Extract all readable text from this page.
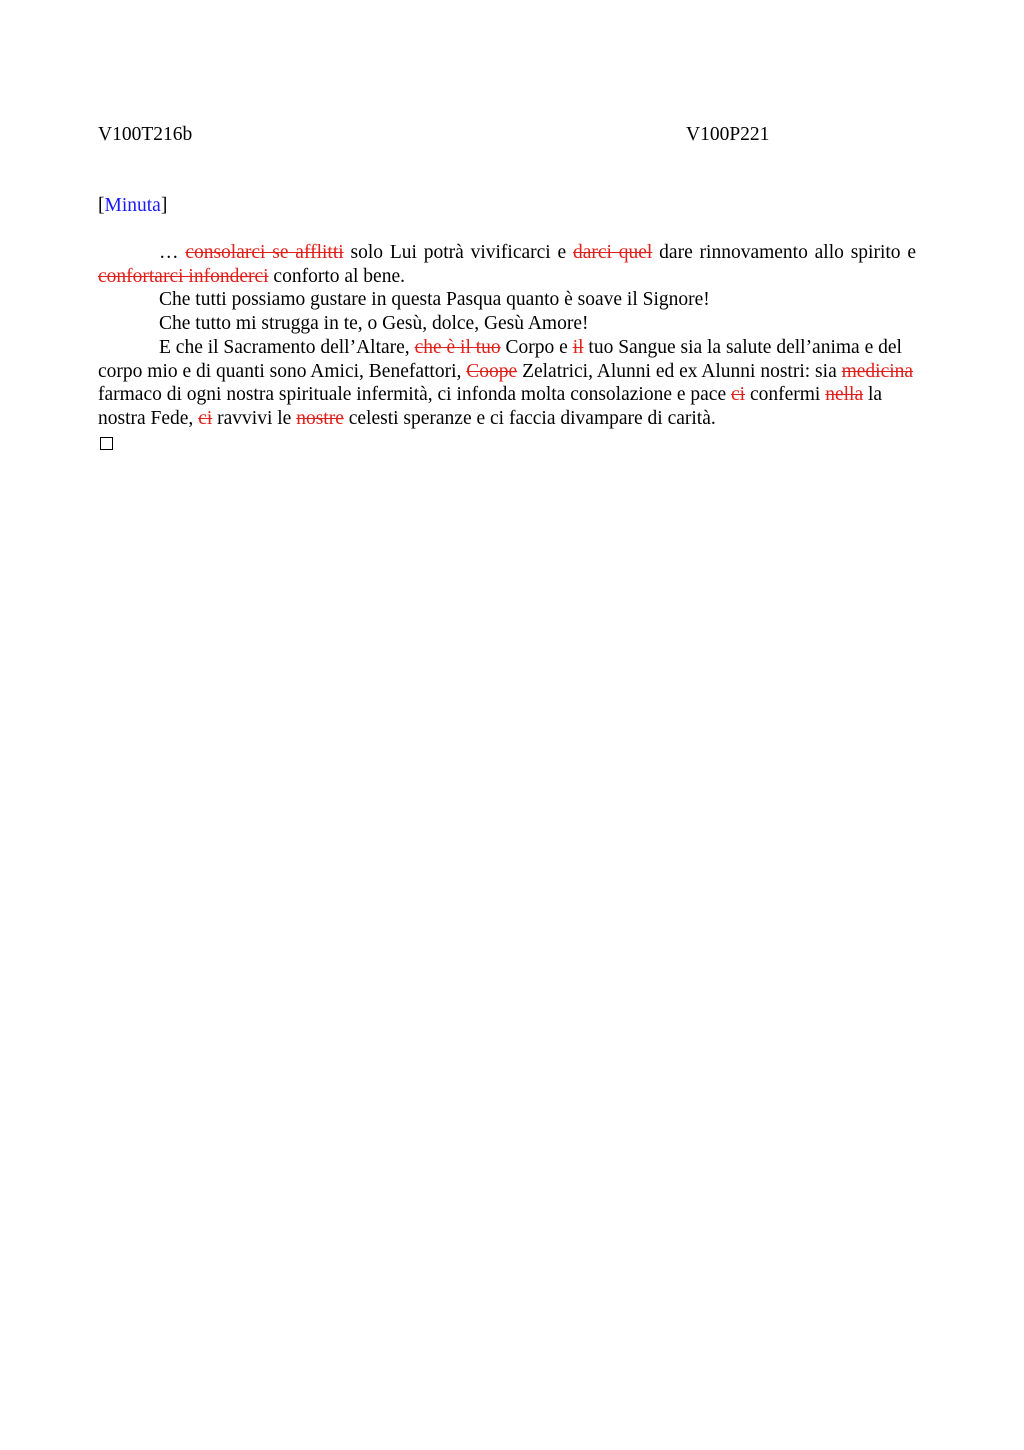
V100T216b	V100P221
[Minuta]

… consolarci se afflitti solo Lui potrà vivificarci e darci quel dare rinnovamento allo spirito e confortarci infonderci conforto al bene.

Che tutti possiamo gustare in questa Pasqua quanto è soave il Signore!

Che tutto mi strugga in te, o Gesù, dolce, Gesù Amore!

E che il Sacramento dell’Altare, che è il tuo Corpo e il tuo Sangue sia la salute dell’anima e del corpo mio e di quanti sono Amici, Benefattori, Coope Zelatrici, Alunni ed ex Alunni nostri: sia medicina farmaco di ogni nostra spirituale infermità, ci infonda molta consolazione e pace ci confermi nella la nostra Fede, ci ravvivi le nostre celesti speranze e ci faccia divampare di carità.
